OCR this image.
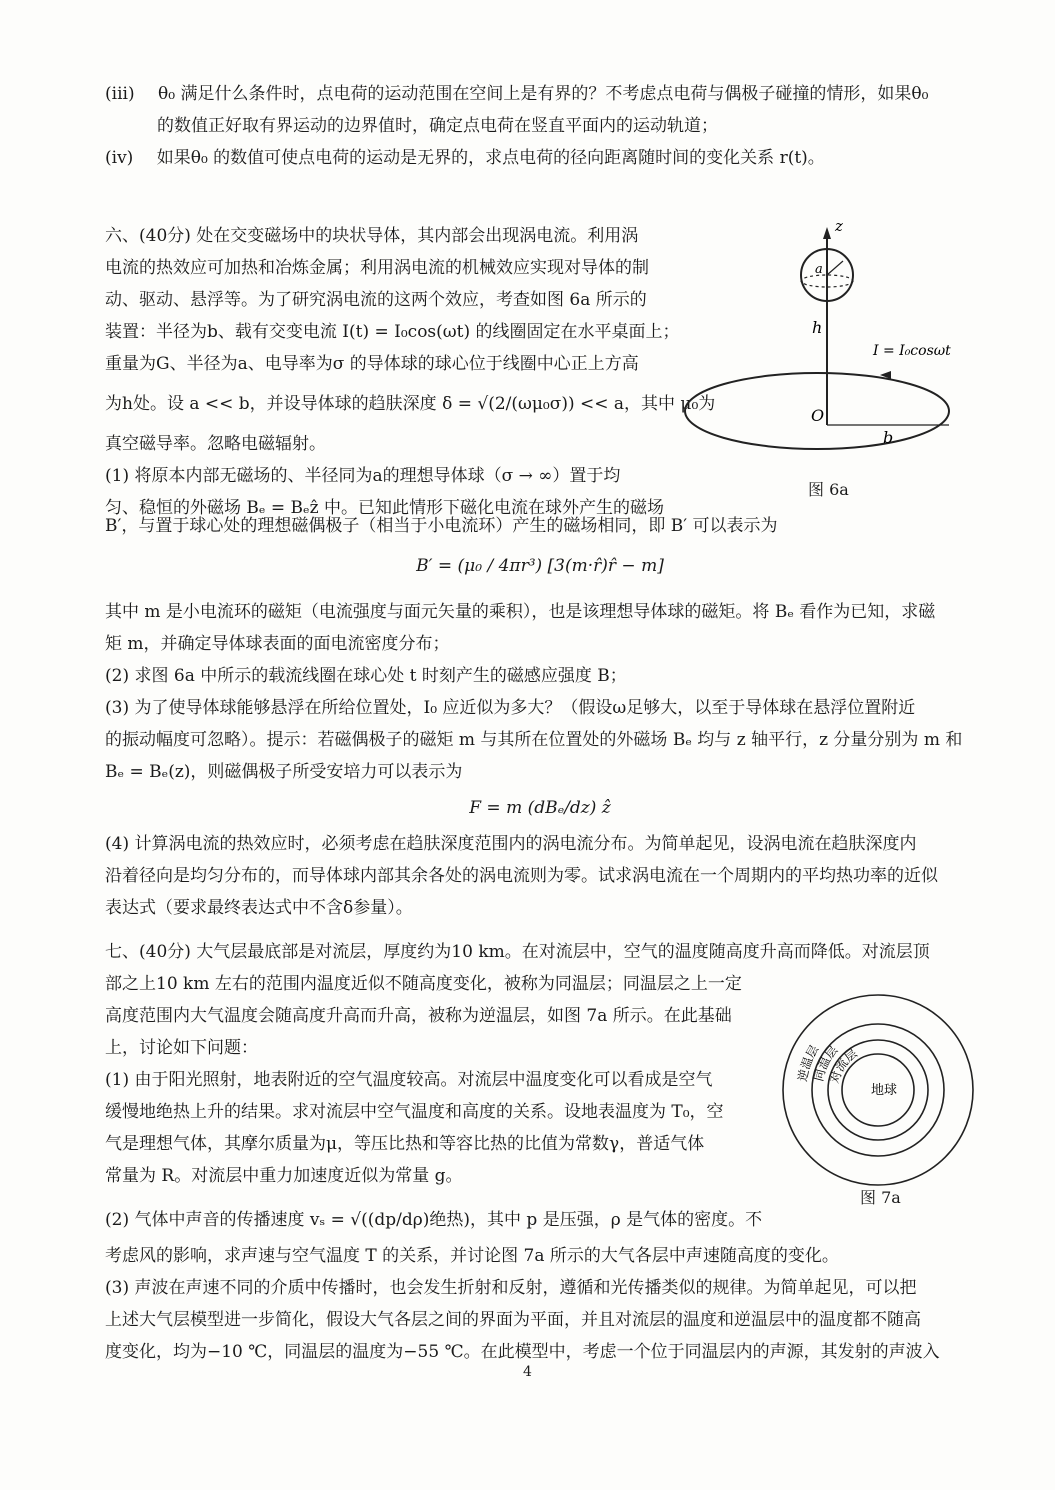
(iii) θ₀ 满足什么条件时，点电荷的运动范围在空间上是有界的？不考虑点电荷与偶极子碰撞的情形，如果θ₀
的数值正好取有界运动的边界值时，确定点电荷在竖直平面内的运动轨道；
(iv) 如果θ₀ 的数值可使点电荷的运动是无界的，求点电荷的径向距离随时间的变化关系 r(t)。
六、(40分) 处在交变磁场中的块状导体，其内部会出现涡电流。利用涡
电流的热效应可加热和冶炼金属；利用涡电流的机械效应实现对导体的制
动、驱动、悬浮等。为了研究涡电流的这两个效应，考查如图 6a 所示的
装置：半径为b、载有交变电流 I(t) = I₀cos(ωt) 的线圈固定在水平桌面上；
重量为G、半径为a、电导率为σ 的导体球的球心位于线圈中心正上方高
为h处。设 a << b，并设导体球的趋肤深度 δ = √(2/(ωμ₀σ)) << a，其中 μ₀为
真空磁导率。忽略电磁辐射。
(1) 将原本内部无磁场的、半径同为a的理想导体球（σ → ∞）置于均
匀、稳恒的外磁场 Bₑ = Bₑẑ 中。已知此情形下磁化电流在球外产生的磁场
B′，与置于球心处的理想磁偶极子（相当于小电流环）产生的磁场相同，即 B′ 可以表示为
B′ = (μ₀ / 4πr³) [3(m·r̂)r̂ − m]
其中 m 是小电流环的磁矩（电流强度与面元矢量的乘积），也是该理想导体球的磁矩。将 Bₑ 看作为已知，求磁
矩 m，并确定导体球表面的面电流密度分布；
(2) 求图 6a 中所示的载流线圈在球心处 t 时刻产生的磁感应强度 B；
(3) 为了使导体球能够悬浮在所给位置处，I₀ 应近似为多大？（假设ω足够大，以至于导体球在悬浮位置附近
的振动幅度可忽略）。提示：若磁偶极子的磁矩 m 与其所在位置处的外磁场 Bₑ 均与 z 轴平行，z 分量分别为 m 和
Bₑ = Bₑ(z)，则磁偶极子所受安培力可以表示为
F = m (dBₑ/dz) ẑ
(4) 计算涡电流的热效应时，必须考虑在趋肤深度范围内的涡电流分布。为简单起见，设涡电流在趋肤深度内
沿着径向是均匀分布的，而导体球内部其余各处的涡电流则为零。试求涡电流在一个周期内的平均热功率的近似
表达式（要求最终表达式中不含δ参量）。
z
a
h
I = I₀cosωt
O
b
图 6a
七、(40分) 大气层最底部是对流层，厚度约为10 km。在对流层中，空气的温度随高度升高而降低。对流层顶
部之上10 km 左右的范围内温度近似不随高度变化，被称为同温层；同温层之上一定
高度范围内大气温度会随高度升高而升高，被称为逆温层，如图 7a 所示。在此基础
上，讨论如下问题：
(1) 由于阳光照射，地表附近的空气温度较高。对流层中温度变化可以看成是空气
缓慢地绝热上升的结果。求对流层中空气温度和高度的关系。设地表温度为 T₀，空
气是理想气体，其摩尔质量为μ，等压比热和等容比热的比值为常数γ，普适气体
常量为 R。对流层中重力加速度近似为常量 g。
(2) 气体中声音的传播速度 vₛ = √((dp/dρ)绝热)，其中 p 是压强，ρ 是气体的密度。不
考虑风的影响，求声速与空气温度 T 的关系，并讨论图 7a 所示的大气各层中声速随高度的变化。
(3) 声波在声速不同的介质中传播时，也会发生折射和反射，遵循和光传播类似的规律。为简单起见，可以把
上述大气层模型进一步简化，假设大气各层之间的界面为平面，并且对流层的温度和逆温层中的温度都不随高
度变化，均为−10 ℃，同温层的温度为−55 ℃。在此模型中，考虑一个位于同温层内的声源，其发射的声波入
逆温层
同温层
对流层
地球
图 7a
4
